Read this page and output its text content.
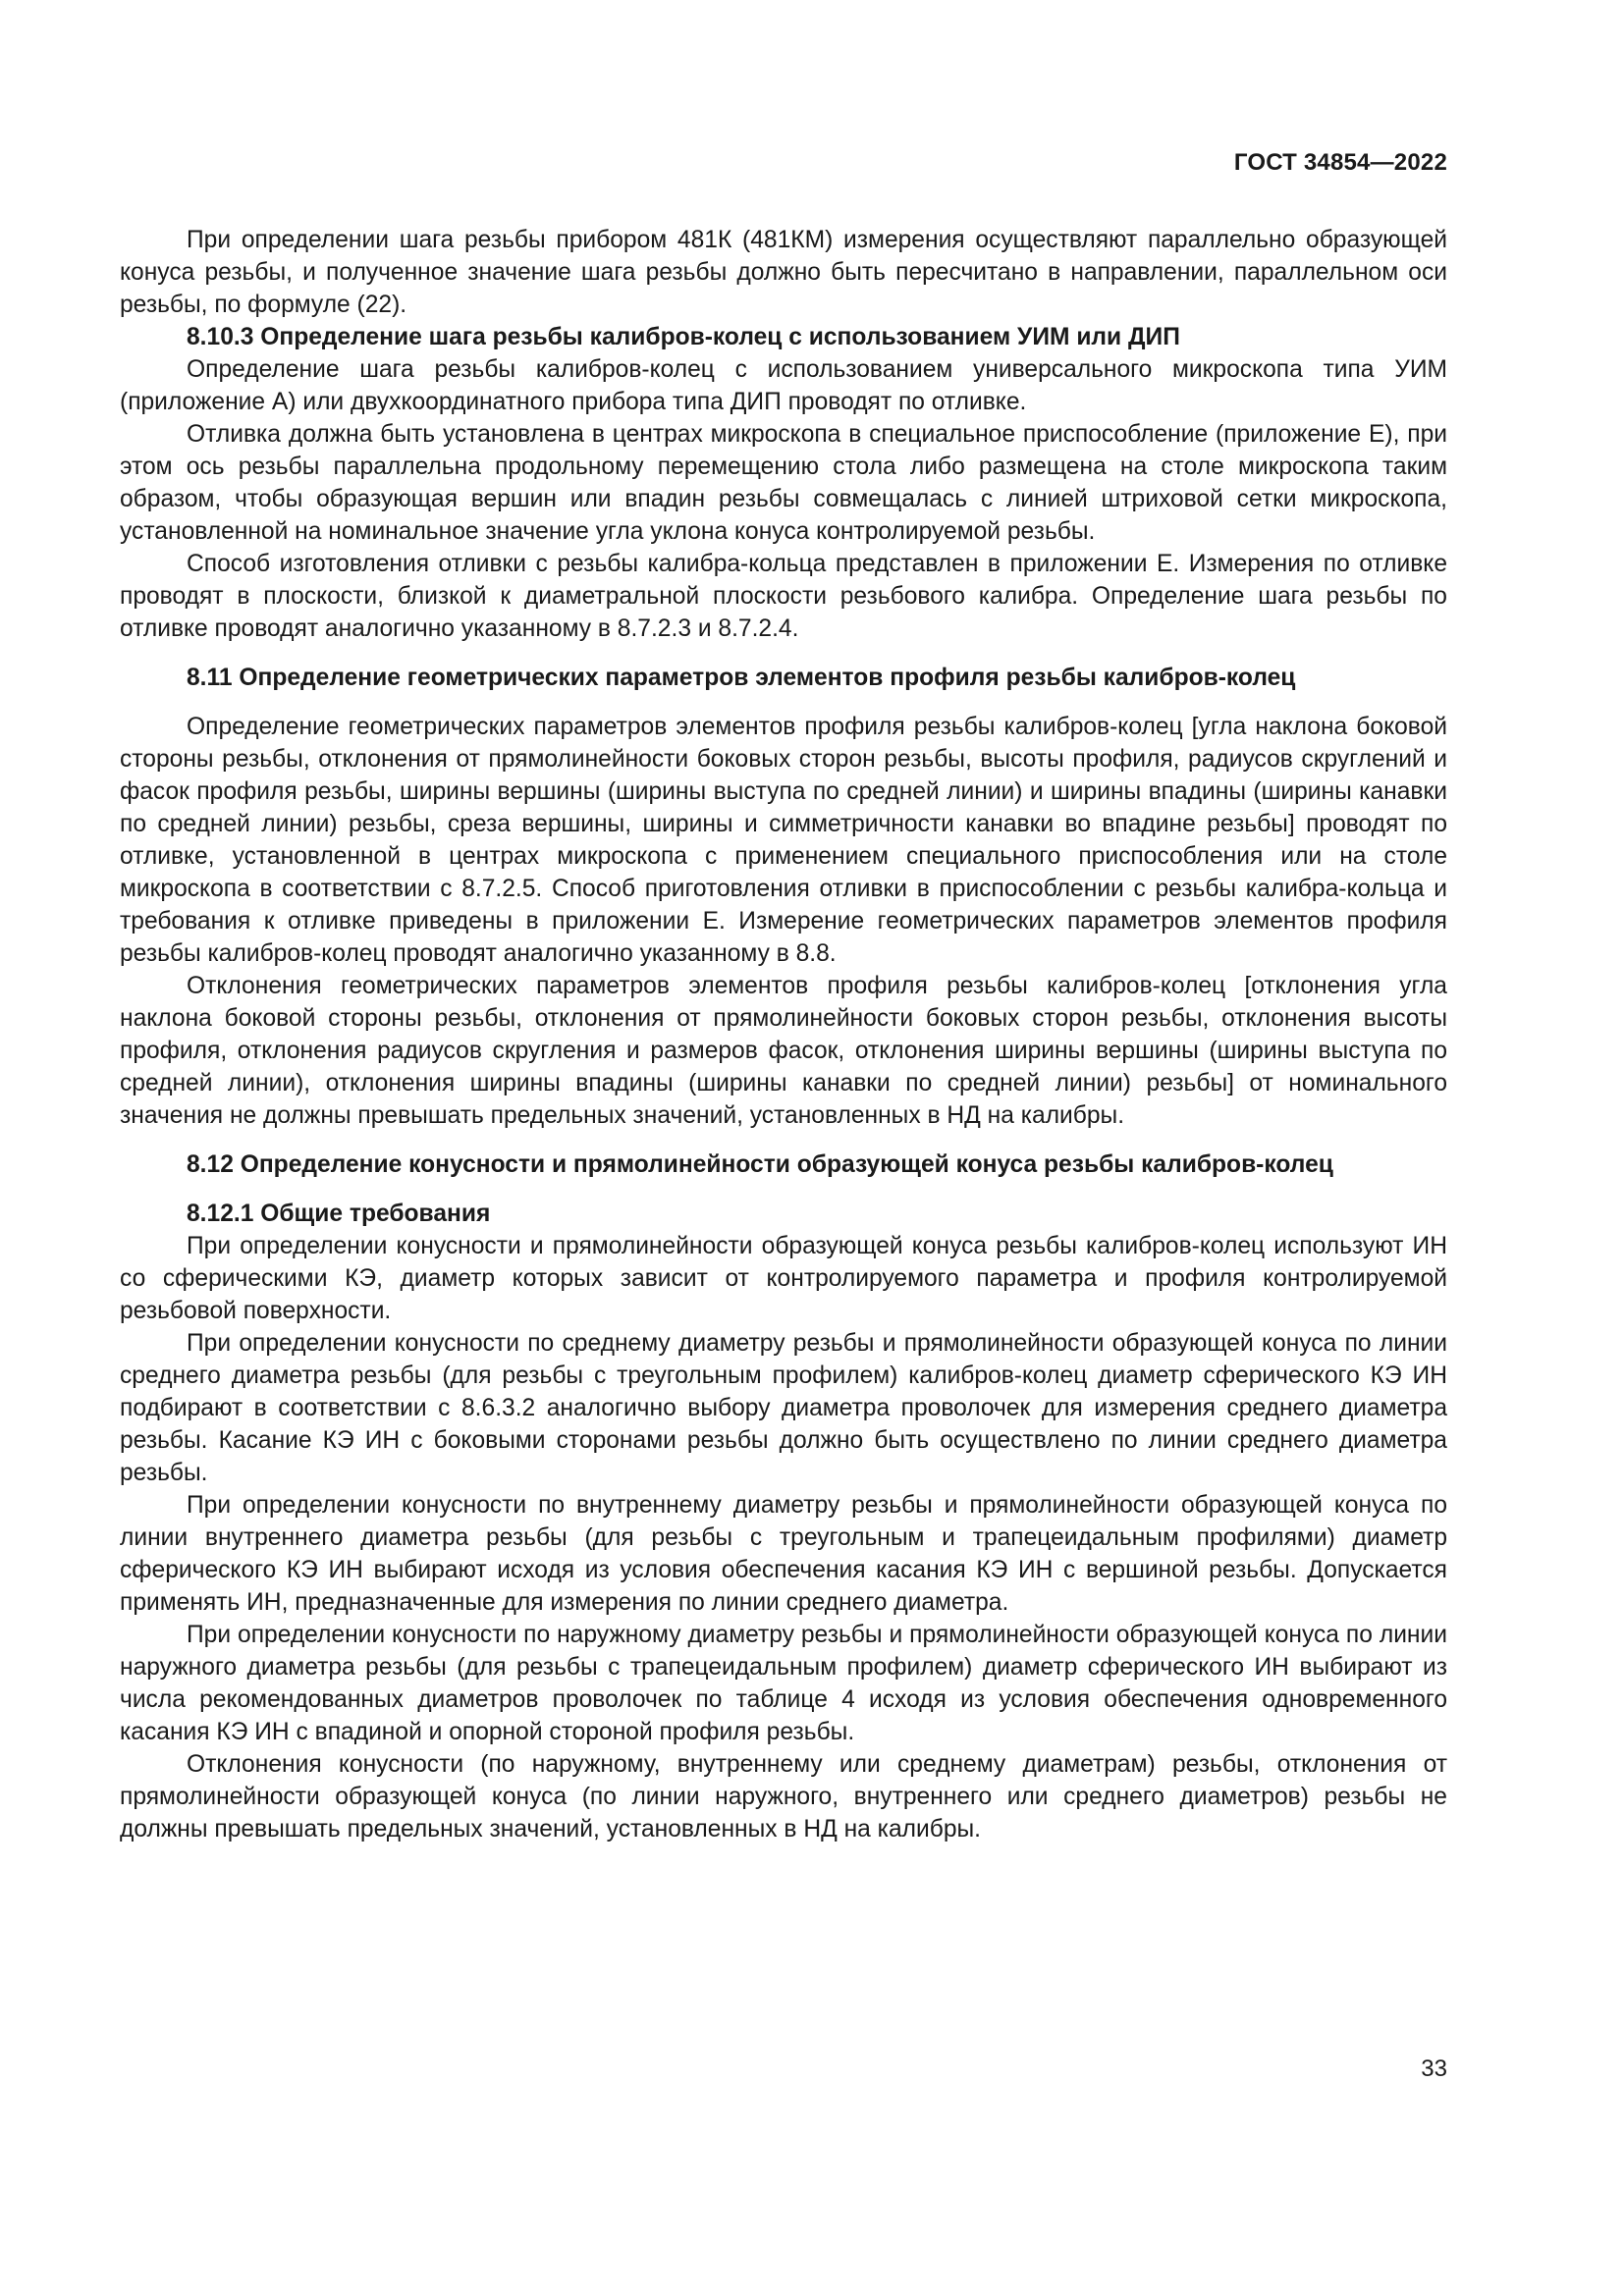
ГОСТ 34854—2022

При определении шага резьбы прибором 481К (481КМ) измерения осуществляют параллельно образующей конуса резьбы, и полученное значение шага резьбы должно быть пересчитано в направлении, параллельном оси резьбы, по формуле (22).

8.10.3 Определение шага резьбы калибров-колец с использованием УИМ или ДИП

Определение шага резьбы калибров-колец с использованием универсального микроскопа типа УИМ (приложение А) или двухкоординатного прибора типа ДИП проводят по отливке.

Отливка должна быть установлена в центрах микроскопа в специальное приспособление (приложение Е), при этом ось резьбы параллельна продольному перемещению стола либо размещена на столе микроскопа таким образом, чтобы образующая вершин или впадин резьбы совмещалась с линией штриховой сетки микроскопа, установленной на номинальное значение угла уклона конуса контролируемой резьбы.

Способ изготовления отливки с резьбы калибра-кольца представлен в приложении Е. Измерения по отливке проводят в плоскости, близкой к диаметральной плоскости резьбового калибра. Определение шага резьбы по отливке проводят аналогично указанному в 8.7.2.3 и 8.7.2.4.

8.11 Определение геометрических параметров элементов профиля резьбы калибров-колец

Определение геометрических параметров элементов профиля резьбы калибров-колец [угла наклона боковой стороны резьбы, отклонения от прямолинейности боковых сторон резьбы, высоты профиля, радиусов скруглений и фасок профиля резьбы, ширины вершины (ширины выступа по средней линии) и ширины впадины (ширины канавки по средней линии) резьбы, среза вершины, ширины и симметричности канавки во впадине резьбы] проводят по отливке, установленной в центрах микроскопа с применением специального приспособления или на столе микроскопа в соответствии с 8.7.2.5. Способ приготовления отливки в приспособлении с резьбы калибра-кольца и требования к отливке приведены в приложении Е. Измерение геометрических параметров элементов профиля резьбы калибров-колец проводят аналогично указанному в 8.8.

Отклонения геометрических параметров элементов профиля резьбы калибров-колец [отклонения угла наклона боковой стороны резьбы, отклонения от прямолинейности боковых сторон резьбы, отклонения высоты профиля, отклонения радиусов скругления и размеров фасок, отклонения ширины вершины (ширины выступа по средней линии), отклонения ширины впадины (ширины канавки по средней линии) резьбы] от номинального значения не должны превышать предельных значений, установленных в НД на калибры.

8.12 Определение конусности и прямолинейности образующей конуса резьбы калибров-колец

8.12.1 Общие требования

При определении конусности и прямолинейности образующей конуса резьбы калибров-колец используют ИН со сферическими КЭ, диаметр которых зависит от контролируемого параметра и профиля контролируемой резьбовой поверхности.

При определении конусности по среднему диаметру резьбы и прямолинейности образующей конуса по линии среднего диаметра резьбы (для резьбы с треугольным профилем) калибров-колец диаметр сферического КЭ ИН подбирают в соответствии с 8.6.3.2 аналогично выбору диаметра проволочек для измерения среднего диаметра резьбы. Касание КЭ ИН с боковыми сторонами резьбы должно быть осуществлено по линии среднего диаметра резьбы.

При определении конусности по внутреннему диаметру резьбы и прямолинейности образующей конуса по линии внутреннего диаметра резьбы (для резьбы с треугольным и трапецеидальным профилями) диаметр сферического КЭ ИН выбирают исходя из условия обеспечения касания КЭ ИН с вершиной резьбы. Допускается применять ИН, предназначенные для измерения по линии среднего диаметра.

При определении конусности по наружному диаметру резьбы и прямолинейности образующей конуса по линии наружного диаметра резьбы (для резьбы с трапецеидальным профилем) диаметр сферического ИН выбирают из числа рекомендованных диаметров проволочек по таблице 4 исходя из условия обеспечения одновременного касания КЭ ИН с впадиной и опорной стороной профиля резьбы.

Отклонения конусности (по наружному, внутреннему или среднему диаметрам) резьбы, отклонения от прямолинейности образующей конуса (по линии наружного, внутреннего или среднего диаметров) резьбы не должны превышать предельных значений, установленных в НД на калибры.

33
